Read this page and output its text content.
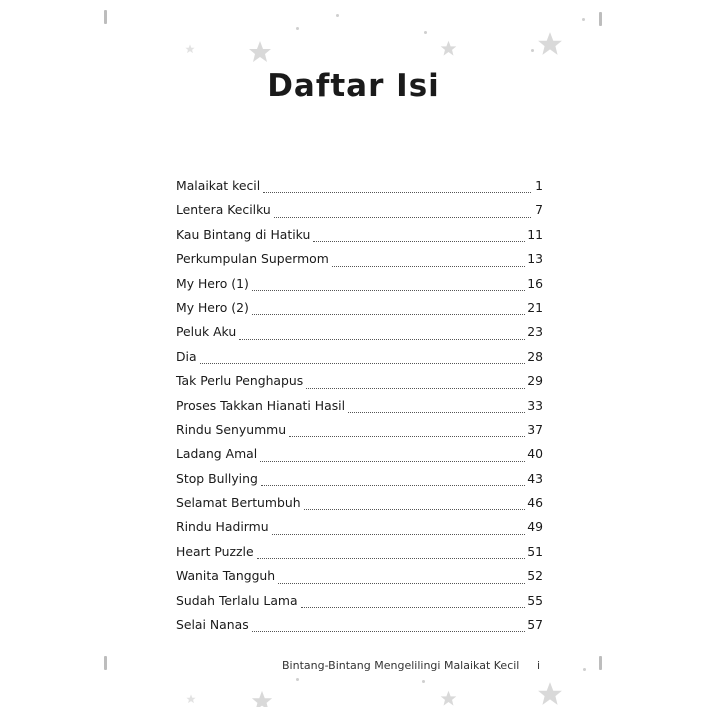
Daftar Isi
Malaikat kecil	1
Lentera Kecilku	7
Kau Bintang di Hatiku	11
Perkumpulan Supermom	13
My Hero (1)	16
My Hero (2)	21
Peluk Aku	23
Dia	28
Tak Perlu Penghapus	29
Proses Takkan Hianati Hasil	33
Rindu Senyummu	37
Ladang Amal	40
Stop Bullying	43
Selamat Bertumbuh	46
Rindu Hadirmu	49
Heart Puzzle	51
Wanita Tangguh	52
Sudah Terlalu Lama	55
Selai Nanas	57
Bintang-Bintang Mengelilingi Malaikat Kecil	i
